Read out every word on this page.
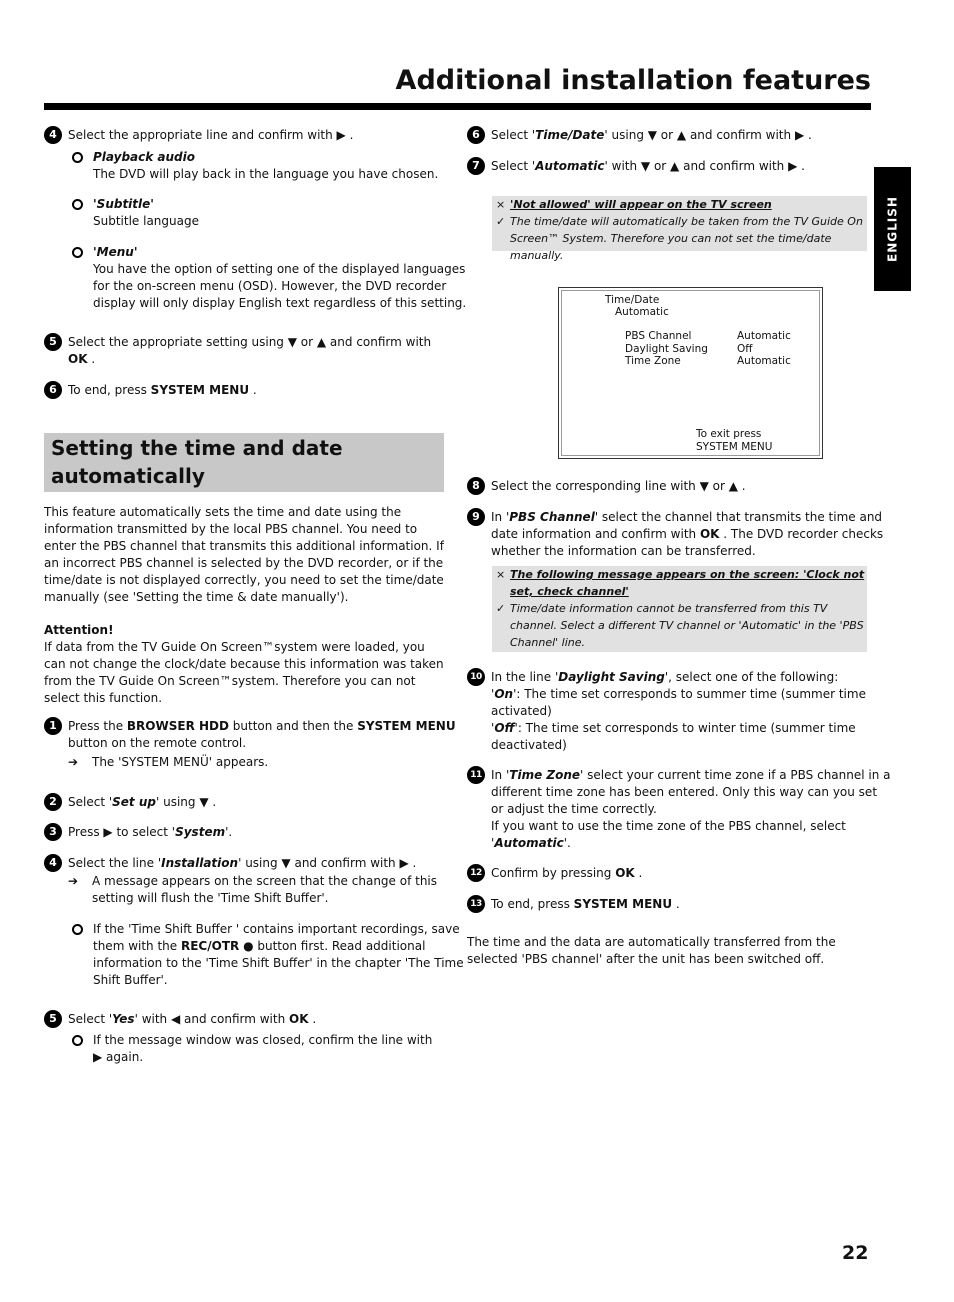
Additional installation features
ENGLISH
4 Select the appropriate line and confirm with ▶ .
Playback audio
The DVD will play back in the language you have chosen.
'Subtitle'
Subtitle language
'Menu'
You have the option of setting one of the displayed languages for the on-screen menu (OSD). However, the DVD recorder display will only display English text regardless of this setting.
5 Select the appropriate setting using ▼ or ▲ and confirm with
OK .
6 To end, press SYSTEM MENU .
Setting the time and date automatically
This feature automatically sets the time and date using the information transmitted by the local PBS channel. You need to enter the PBS channel that transmits this additional information. If an incorrect PBS channel is selected by the DVD recorder, or if the time/date is not displayed correctly, you need to set the time/date manually (see 'Setting the time & date manually').
Attention!
If data from the TV Guide On Screen™system were loaded, you can not change the clock/date because this information was taken from the TV Guide On Screen™system. Therefore you can not select this function.
1 Press the BROWSER HDD button and then the SYSTEM MENU button on the remote control.
➔ The 'SYSTEM MENÜ' appears.
2 Select 'Set up' using ▼ .
3 Press ▶ to select 'System'.
4 Select the line 'Installation' using ▼ and confirm with ▶ .
➔ A message appears on the screen that the change of this setting will flush the 'Time Shift Buffer'.
If the 'Time Shift Buffer ' contains important recordings, save them with the REC/OTR ● button first. Read additional information to the 'Time Shift Buffer' in the chapter 'The Time Shift Buffer'.
5 Select 'Yes' with ◀ and confirm with OK .
If the message window was closed, confirm the line with
▶ again.
6 Select 'Time/Date' using ▼ or ▲ and confirm with ▶ .
7 Select 'Automatic' with ▼ or ▲ and confirm with ▶ .
× 'Not allowed' will appear on the TV screen
✓ The time/date will automatically be taken from the TV Guide On Screen™ System. Therefore you can not set the time/date manually.
Time/Date
Automatic
PBS Channel	Automatic
Daylight Saving	Off
Time Zone	Automatic
To exit press
SYSTEM MENU
8 Select the corresponding line with ▼ or ▲ .
9 In 'PBS Channel' select the channel that transmits the time and date information and confirm with OK . The DVD recorder checks whether the information can be transferred.
× The following message appears on the screen: 'Clock not set, check channel'
✓ Time/date information cannot be transferred from this TV channel. Select a different TV channel or 'Automatic' in the 'PBS Channel' line.
10 In the line 'Daylight Saving', select one of the following:
'On': The time set corresponds to summer time (summer time activated)
'Off': The time set corresponds to winter time (summer time deactivated)
11 In 'Time Zone' select your current time zone if a PBS channel in a different time zone has been entered. Only this way can you set or adjust the time correctly.
If you want to use the time zone of the PBS channel, select 'Automatic'.
12 Confirm by pressing OK .
13 To end, press SYSTEM MENU .
The time and the data are automatically transferred from the selected 'PBS channel' after the unit has been switched off.
22
